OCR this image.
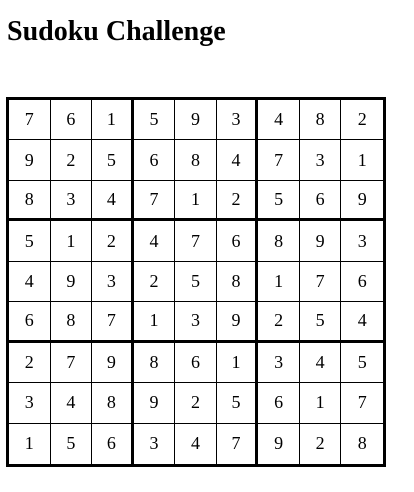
Sudoku Challenge
7	6	1	5	9	3	4	8	2
9	2	5	6	8	4	7	3	1
8	3	4	7	1	2	5	6	9
5	1	2	4	7	6	8	9	3
4	9	3	2	5	8	1	7	6
6	8	7	1	3	9	2	5	4
2	7	9	8	6	1	3	4	5
3	4	8	9	2	5	6	1	7
1	5	6	3	4	7	9	2	8
